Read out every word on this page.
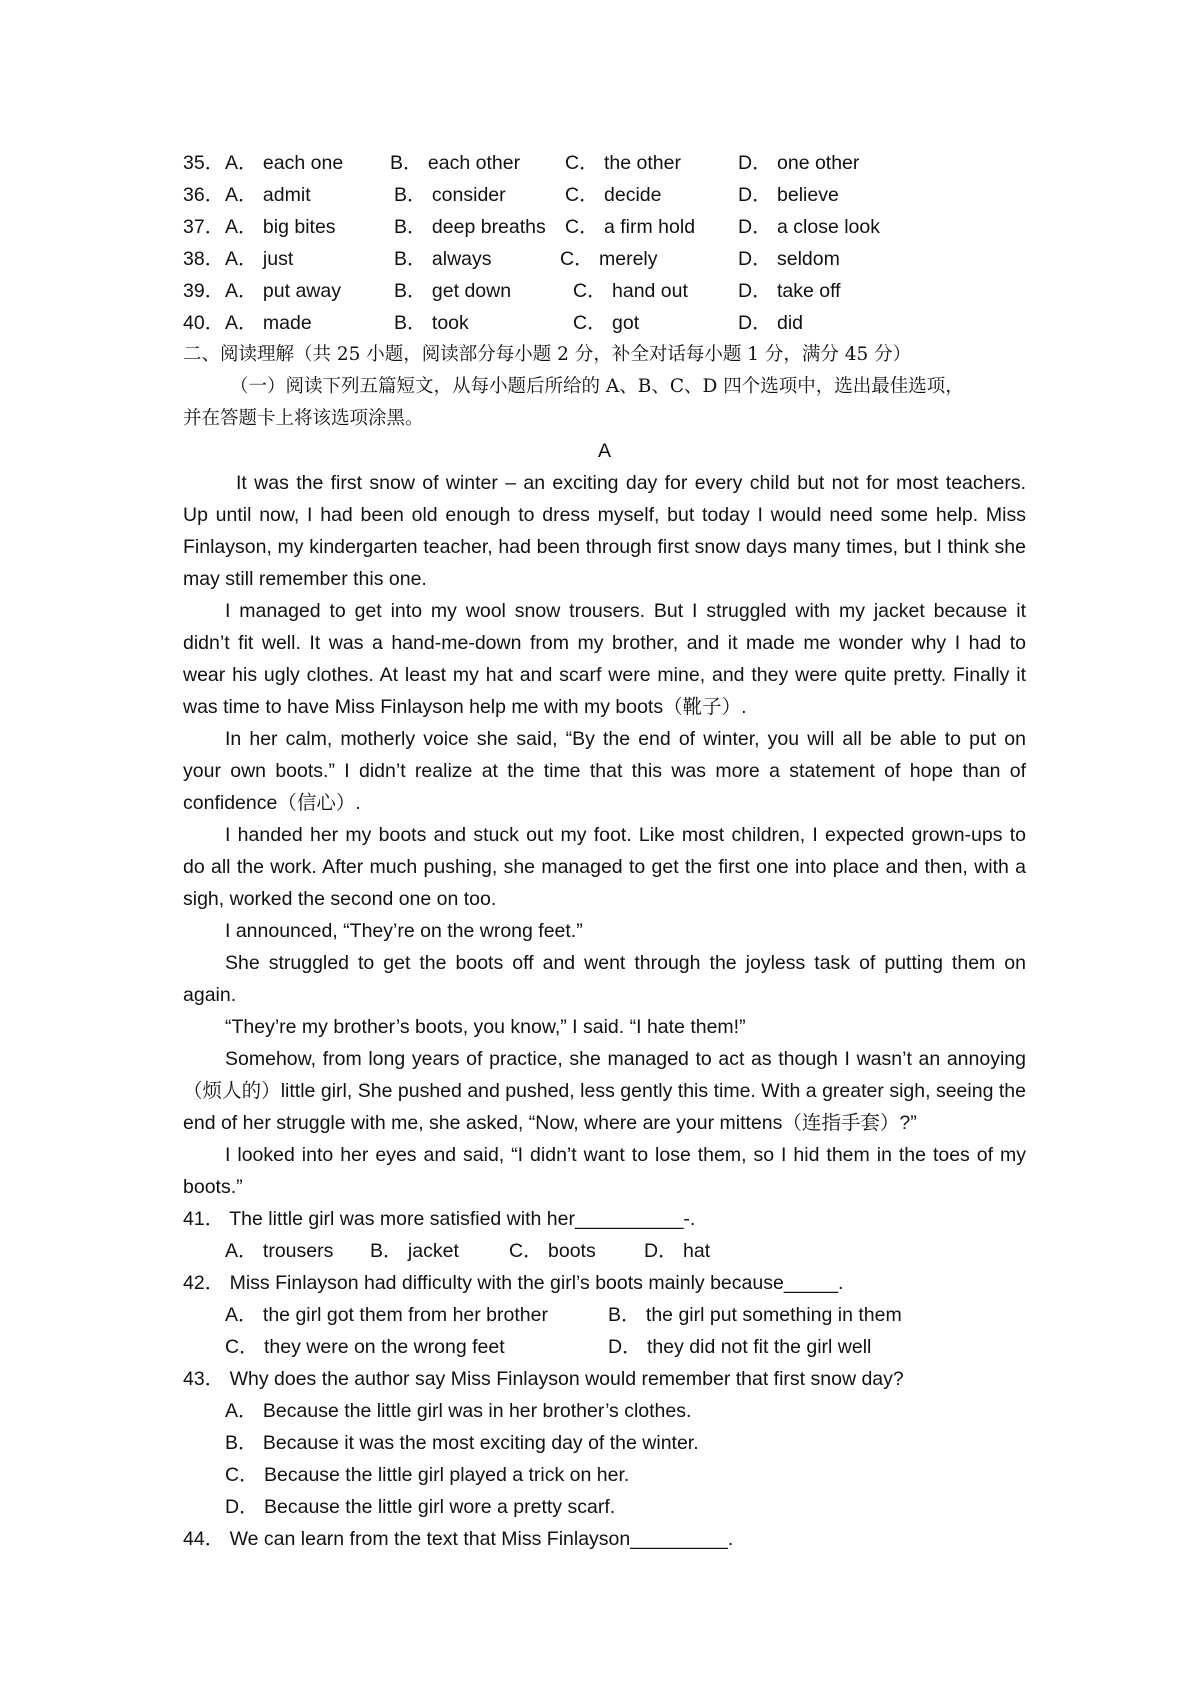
35． A． each one B． each other C． the other	D． one other
36． A． admit	B． consider	C． decide	D． believe
37． A． big bites	B． deep breaths C． a firm hold D． a close look
38． A． just	B． always	C． merely	D． seldom
39． A． put away	B． get down	C． hand out	D． take off
40． A． made	B． took	C． got	D． did
二、阅读理解（共 25 小题，阅读部分每小题 2 分，补全对话每小题 1 分，满分 45 分）
（一）阅读下列五篇短文，从每小题后所给的 A、B、C、D 四个选项中，选出最佳选项，
并在答题卡上将该选项涂黑。
A
It was the first snow of winter – an exciting day for every child but not for most teachers.
Up until now, I had been old enough to dress myself, but today I would need some help. Miss
Finlayson, my kindergarten teacher, had been through first snow days many times, but I think she
may still remember this one.
I managed to get into my wool snow trousers. But I struggled with my jacket because it
didn’t fit well. It was a hand-me-down from my brother, and it made me wonder why I had to
wear his ugly clothes. At least my hat and scarf were mine, and they were quite pretty. Finally it
was time to have Miss Finlayson help me with my boots（靴子）.
In her calm, motherly voice she said, “By the end of winter, you will all be able to put on
your own boots.” I didn’t realize at the time that this was more a statement of hope than of
confidence（信心）.
I handed her my boots and stuck out my foot. Like most children, I expected grown-ups to
do all the work. After much pushing, she managed to get the first one into place and then, with a
sigh, worked the second one on too.
I announced, “They’re on the wrong feet.”
She struggled to get the boots off and went through the joyless task of putting them on
again.
“They’re my brother’s boots, you know,” I said. “I hate them!”
Somehow, from long years of practice, she managed to act as though I wasn’t an annoying
（烦人的）little girl, She pushed and pushed, less gently this time. With a greater sigh, seeing the
end of her struggle with me, she asked, “Now, where are your mittens（连指手套）?”
I looked into her eyes and said, “I didn’t want to lose them, so I hid them in the toes of my
boots.”
41． The little girl was more satisfied with her__________-.
A． trousers B． jacket	C． boots D． hat
42． Miss Finlayson had difficulty with the girl’s boots mainly because_____.
A． the girl got them from her brother	B． the girl put something in them
C． they were on the wrong feet	D． they did not fit the girl well
43． Why does the author say Miss Finlayson would remember that first snow day?
A． Because the little girl was in her brother’s clothes.
B． Because it was the most exciting day of the winter.
C． Because the little girl played a trick on her.
D． Because the little girl wore a pretty scarf.
44． We can learn from the text that Miss Finlayson_________.
